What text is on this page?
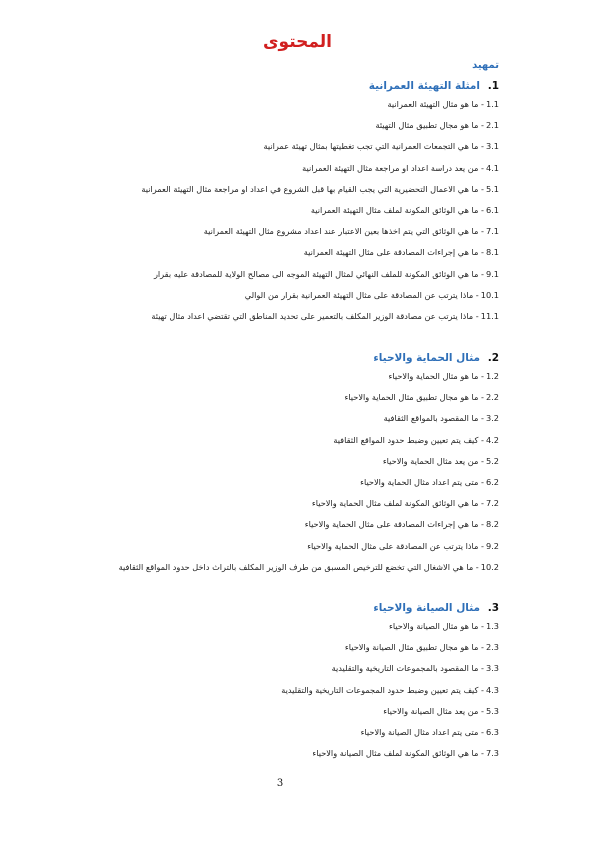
المحتوى
تمهيد
1. امثلة التهيئة العمرانية
1.1- ما هو مثال التهيئة العمرانية
2.1- ما هو مجال تطبيق مثال التهيئة
3.1- ما هي التجمعات العمرانية التي تجب تغطيتها بمثال تهيئة عمرانية
4.1- من يعد دراسة اعداد او مراجعة مثال التهيئة العمرانية
5.1- ما هي الاعمال التحضيرية التي يجب القيام بها قبل الشروع في اعداد او مراجعة مثال التهيئة العمرانية
6.1- ما هي الوثائق المكونة لملف مثال التهيئة العمرانية
7.1- ما هي الوثائق التي يتم اخذها بعين الاعتبار عند اعداد مشروع مثال التهيئة العمرانية
8.1- ما هي إجراءات المصادقة على مثال التهيئة العمرانية
9.1- ما هي الوثائق المكونة للملف النهائي لمثال التهيئة الموجه الى مصالح الولاية للمصادقة عليه بقرار
10.1- ماذا يترتب عن المصادقة على مثال التهيئة العمرانية بقرار من الوالي
11.1- ماذا يترتب عن مصادقة الوزير المكلف بالتعمير على تحديد المناطق التي تقتضي اعداد مثال تهيئة
2. مثال الحماية والاحياء
1.2- ما هو مثال الحماية والاحياء
2.2- ما هو مجال تطبيق مثال الحماية والاحياء
3.2- ما المقصود بالمواقع الثقافية
4.2- كيف يتم تعيين وضبط حدود المواقع الثقافية
5.2- من يعد مثال الحماية والاحياء
6.2- متى يتم اعداد مثال الحماية والاحياء
7.2- ما هي الوثائق المكونة لملف مثال الحماية والاحياء
8.2- ما هي إجراءات المصادقة على مثال الحماية والاحياء
9.2- ماذا يترتب عن المصادقة على مثال الحماية والاحياء
10.2- ما هي الاشغال التي تخضع للترخيص المسبق من طرف الوزير المكلف بالتراث داخل حدود المواقع الثقافية
3. مثال الصيانة والاحياء
1.3- ما هو مثال الصيانة والاحياء
2.3- ما هو مجال تطبيق مثال الصيانة والاحياء
3.3- ما المقصود بالمجموعات التاريخية والتقليدية
4.3- كيف يتم تعيين وضبط حدود المجموعات التاريخية والتقليدية
5.3- من يعد مثال الصيانة والاحياء
6.3- متى يتم اعداد مثال الصيانة والاحياء
7.3- ما هي الوثائق المكونة لملف مثال الصيانة والاحياء
3
